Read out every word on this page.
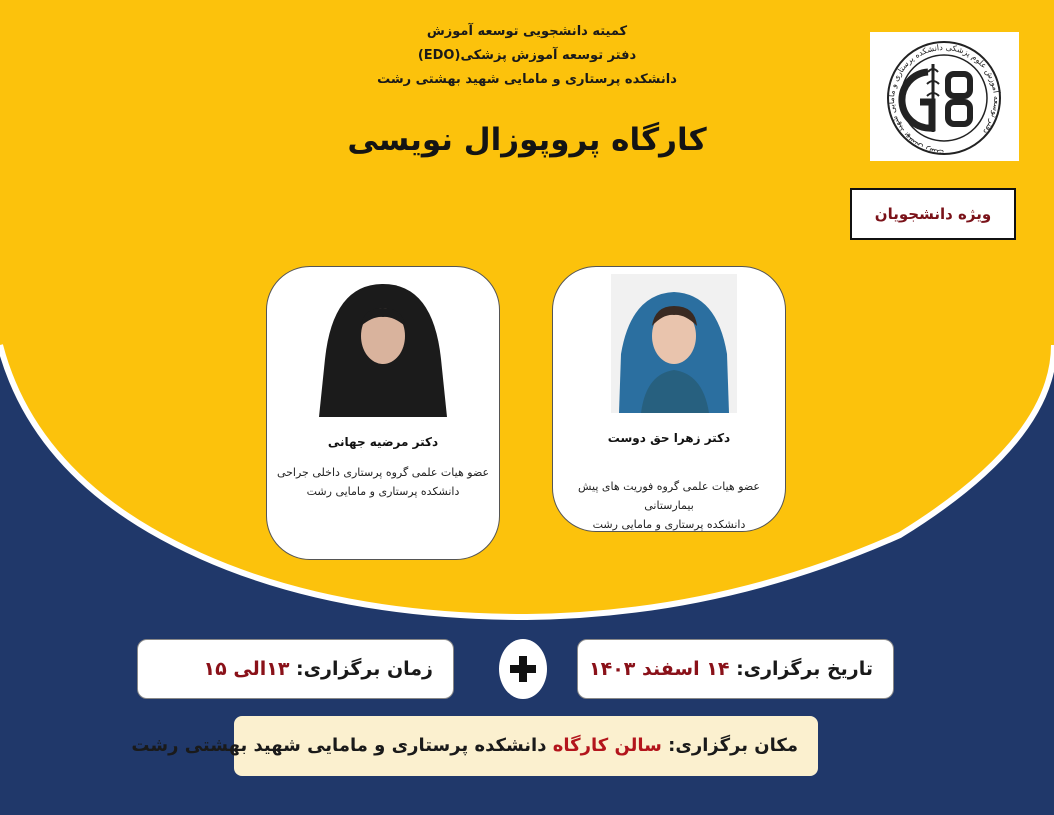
کمیته دانشجویی توسعه آموزش
دفتر توسعه آموزش پزشکی(EDO)
دانشکده پرستاری و مامایی شهید بهشتی رشت
کارگاه پروپوزال نویسی	دفتر توسعه آموزش علوم پزشکی دانشکده پرستاری و مامایی شهید بهشتی رشت
ویژه دانشجویان
دکتر زهرا حق دوست
عضو هیات علمی گروه فوریت های پیش بیمارستانی
دانشکده پرستاری و مامایی رشت
دکتر مرضیه جهانی
عضو هیات علمی گروه پرستاری داخلی جراحی
دانشکده پرستاری و مامایی رشت
تاریخ برگزاری: ۱۴ اسفند ۱۴۰۳
زمان برگزاری: ۱۳الی ۱۵
مکان برگزاری: سالن کارگاه دانشکده پرستاری و مامایی شهید بهشتی رشت
